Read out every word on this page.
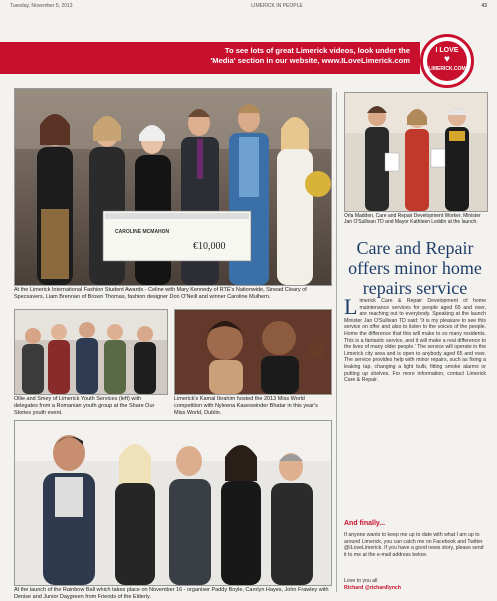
Tuesday, November 5, 2013	LIMERICK IN PEOPLE	43
To see lots of great Limerick videos, look under the
'Media' section in our website, www.ILoveLimerick.com
I LOVE
♥
LIMERICK.COM
CAROLINE MCMAHON
€10,000
At the Limerick International Fashion Student Awards - Celine with Mary Kennedy of RTÉ's Nationwide, Sinead Cleary of Specsavers, Liam Brennan of Brown Thomas, fashion designer Don O'Neill and winner Caroline Mulhern.
Ollie and Smey of Limerick Youth Services (left) with delegates from a Romanian youth group at the Share Our Stories youth event.
Limerick's Kamal Ibrahim hosted the 2013 Miss World competition with Nyleena Kaseswinder Bhatar in this year's Miss World, Dublin.
At the launch of the Rainbow Ball which takes place on November 16 - organiser Paddy Boyle, Carolyn Hayes, John Frawley with Denise and Junior Daygreen from Friends of the Elderly.
Orla Madden, Care and Repair Development Worker, Minister Jan O'Sullivan TD and Mayor Kathleen Leddin at the launch.
Care and Repair offers minor home repairs service
L imerick Care & Repair Development of home maintenance services for people aged 65 and over, are reaching out to everybody. Speaking at the launch Minister Jan O'Sullivan TD said: 'It is my pleasure to see this service on offer and also to listen to the voices of the people. Home the difference that this will make to so many residents. This is a fantastic service, and it will make a real difference to the lives of many older people.' The service will operate in the Limerick city area and is open to anybody aged 65 and over. The service provides help with minor repairs, such as fixing a leaking tap, changing a light bulb, fitting smoke alarms or putting up shelves. For more information, contact Limerick Care & Repair.
And finally...
If anyone wants to keep me up to date with what I am up to around Limerick, you can catch me on Facebook and Twitter @ILoveLimerick. If you have a good news story, please send it to me at the e-mail address below.
Love to you all
Richard @richardlynch
